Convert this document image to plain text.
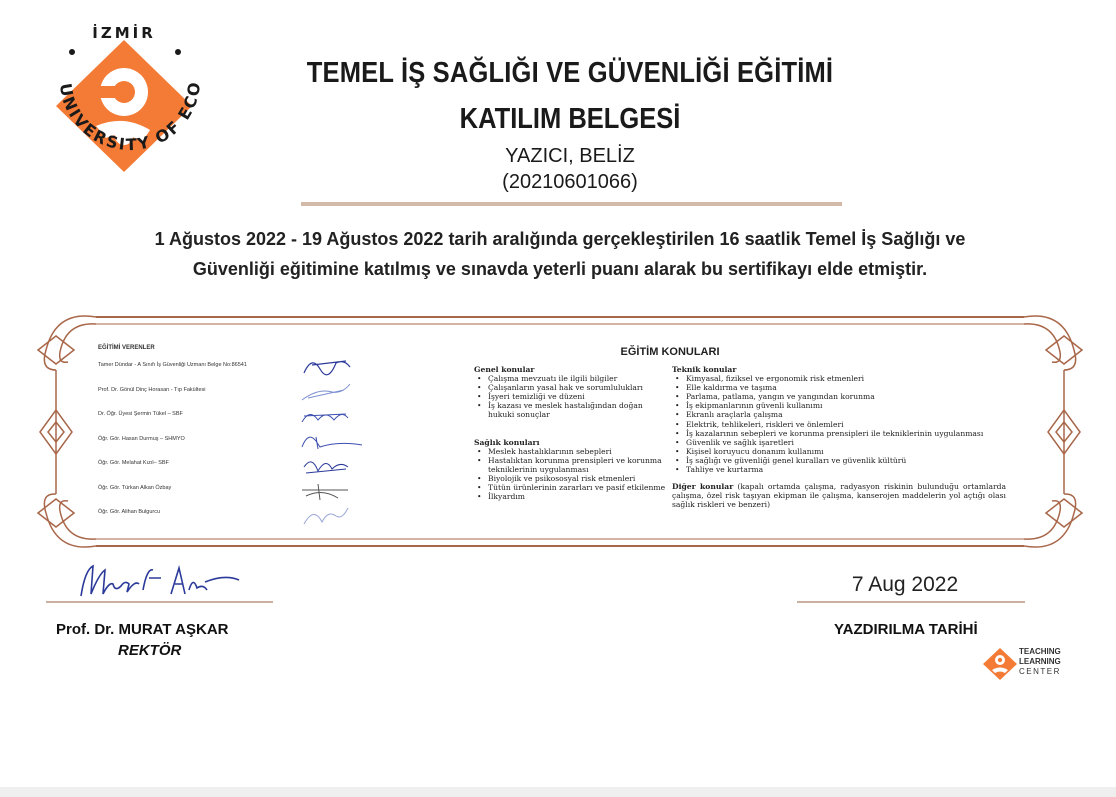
UNIVERSITY OF ECO
İZMİR
TEMEL İŞ SAĞLIĞI VE GÜVENLİĞİ EĞİTİMİ
KATILIM BELGESİ
YAZICI, BELİZ
(20210601066)
1 Ağustos 2022 - 19 Ağustos 2022 tarih aralığında gerçekleştirilen 16 saatlik Temel İş Sağlığı ve
Güvenliği eğitimine katılmış ve sınavda yeterli puanı alarak bu sertifikayı elde etmiştir.
EĞİTİMİ VERENLER
Tamer Dündar - A Sınıfı İş Güvenliği Uzmanı Belge No:86541
Prof. Dr. Gönül Dinç Horasan - Tıp Fakültesi
Dr. Öğr. Üyesi Şermin Tükel – SBF
Öğr. Gör. Hasan Durmuş – SHMYO
Öğr. Gör. Melahat Kızıl– SBF
Öğr. Gör. Türkan Alkan Özbay
Öğr. Gör. Alihan Bulgurcu
EĞİTİM KONULARI
Genel konular
• Çalışma mevzuatı ile ilgili bilgiler
• Çalışanların yasal hak ve sorumlulukları
• İşyeri temizliği ve düzeni
• İş kazası ve meslek hastalığından doğan hukuki sonuçlar
Sağlık konuları
• Meslek hastalıklarının sebepleri
• Hastalıktan korunma prensipleri ve korunma tekniklerinin uygulanması
• Biyolojik ve psikososyal risk etmenleri
• Tütün ürünlerinin zararları ve pasif etkilenme
• İlkyardım
Teknik konular
• Kimyasal, fiziksel ve ergonomik risk etmenleri
• Elle kaldırma ve taşıma
• Parlama, patlama, yangın ve yangından korunma
• İş ekipmanlarının güvenli kullanımı
• Ekranlı araçlarla çalışma
• Elektrik, tehlikeleri, riskleri ve önlemleri
• İş kazalarının sebepleri ve korunma prensipleri ile tekniklerinin uygulanması
• Güvenlik ve sağlık işaretleri
• Kişisel koruyucu donanım kullanımı
• İş sağlığı ve güvenliği genel kuralları ve güvenlik kültürü
• Tahliye ve kurtarma
Diğer konular (kapalı ortamda çalışma, radyasyon riskinin bulunduğu ortamlarda çalışma, özel risk taşıyan ekipman ile çalışma, kanserojen maddelerin yol açtığı olası sağlık riskleri ve benzeri)
7 Aug 2022
Prof. Dr. MURAT AŞKAR
REKTÖR
YAZDIRILMA TARİHİ
TEACHING
LEARNING
CENTER
